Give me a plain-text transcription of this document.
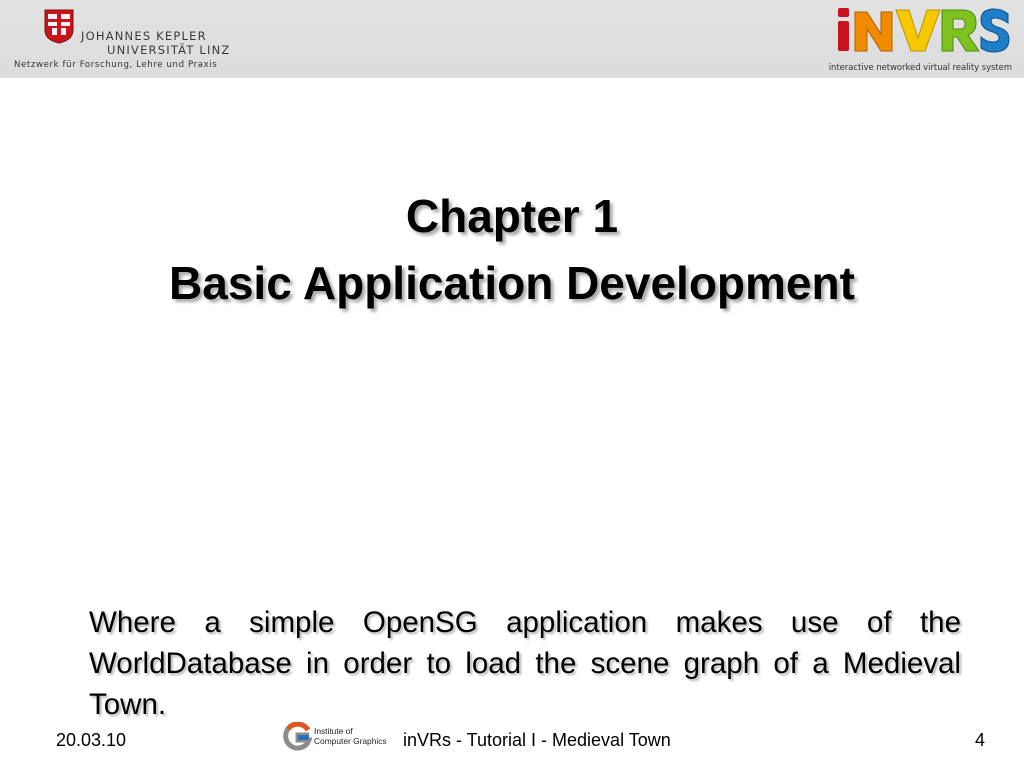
JOHANNES KEPLER
UNIVERSITÄT LINZ
Netzwerk für Forschung, Lehre und Praxis	interactive networked virtual reality system
Chapter 1
Basic Application Development
Where a simple OpenSG application makes use of the WorldDatabase in order to load the scene graph of a Medieval Town.
20.03.10	Institute of
Computer Graphics inVRs - Tutorial I - Medieval Town	4
